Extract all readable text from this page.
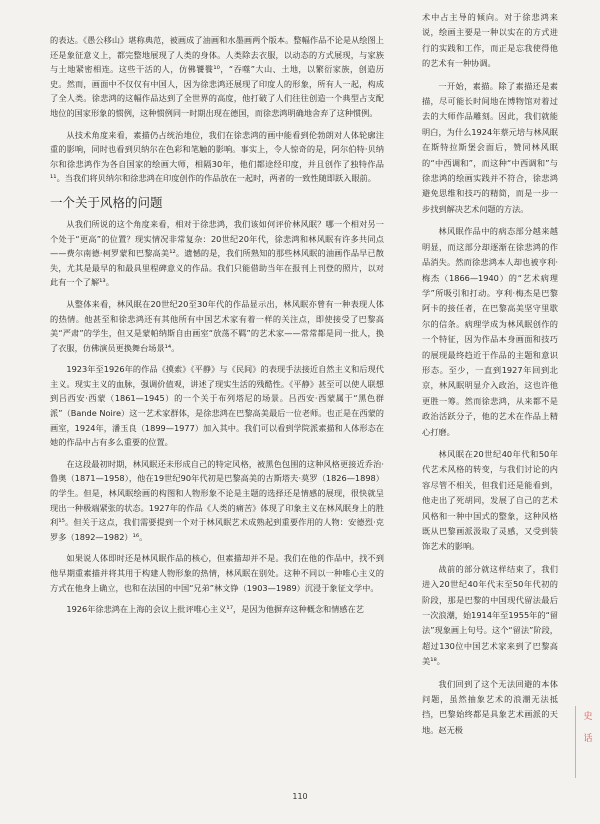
的表达。《愚公移山》堪称典范，被画成了油画和水墨画两个版本。整幅作品不论是从绘图上还是象征意义上，都完整地展现了人类的身体。人类除去衣服，以动态的方式展现，与家族与土地紧密相连。这些干活的人，仿佛饕餮¹⁰，“吞噬”大山、土地，以繁衍家族，创造历史。然而，画面中不仅仅有中国人，因为徐悲鸿还展现了印度人的形象，所有人一起，构成了全人类。徐悲鸿的这幅作品达到了全世界的高度，他打破了人们往往创造一个典型占支配地位的国家形象的惯例，这种惯例同一时期出现在德国，而徐悲鸿明确地舍弃了这种惯例。

从技术角度来看，素描仍占统治地位，我们在徐悲鸿的画中能看到伦勃朗对人体轮廓注重的影响，同时也看到贝纳尔在色彩和笔触的影响。事实上，令人惊奇的是，阿尔伯特·贝纳尔和徐悲鸿作为各自国家的绘画大师，相隔30年，他们都途经印度，并且创作了独特作品¹¹。当我们将贝纳尔和徐悲鸿在印度创作的作品放在一起时，两者的一致性随即跃入眼前。

一个关于风格的问题

从我们所说的这个角度来看，相对于徐悲鸿，我们该如何评价林风眠？哪一个相对另一个处于“更高”的位置？现实情况非常复杂：20世纪20年代，徐悲鸿和林风眠有许多共同点——费尔南德·柯罗蒙和巴黎高美¹²。遗憾的是，我们所熟知的那些林风眠的油画作品早已散失，尤其是最早的和最具里程碑意义的作品。我们只能借助当年在报刊上刊登的照片，以对此有一个了解¹³。

从整体来看，林风眠在20世纪20至30年代的作品显示出，林风眠亦曾有一种表现人体的热情。他甚至和徐悲鸿还有其他所有中国艺术家有着一样的关注点，即使接受了巴黎高美“严肃”的学生，但又是蒙帕纳斯自由画室“放荡不羁”的艺术家——常常都是同一批人，换了衣服，仿佛演员更换舞台场景¹⁴。

1923年至1926年的作品《摸索》《平静》与《民间》的表现手法接近自然主义和后现代主义。现实主义的血脉，强调价值观，讲述了现实生活的残酷性。《平静》甚至可以使人联想到吕西安·西蒙（1861—1945）的一个关于布列塔尼的场景。吕西安·西蒙属于“黑色群派”（Bande Noire）这一艺术家群体，是徐悲鸿在巴黎高美最后一位老师。也正是在西蒙的画室，1924年，潘玉良（1899—1977）加入其中。我们可以看到学院派素描和人体形态在她的作品中占有多么重要的位置。

在这段最初时期，林风眠还未形成自己的特定风格，被黑色包围的这种风格更接近乔治·鲁奥（1871—1958），他在19世纪90年代初是巴黎高美的古斯塔夫·莫罗（1826—1898）的学生。但是，林风眠绘画的构图和人物形象不论是主题的选择还是情感的展现，很快就呈现出一种极端紧张的状态。1927年的作品《人类的痛苦》体现了印象主义在林风眠身上的胜利¹⁵。但关于这点，我们需要提到一个对于林风眠艺术成熟起到重要作用的人物：安德烈·克罗多（1892—1982）¹⁶。

如果说人体即时还是林风眠作品的核心，但素描却并不是。我们在他的作品中，找不到他早期重素描并将其用于构建人物形象的热情，林风眠在别处。这种不同以一种唯心主义的方式在他身上确立，也和在法国的中国“兄弟”林文铮（1903—1989）沉浸于象征文学中。

1926年徐悲鸿在上海的会议上批评唯心主义¹⁷，是因为他摒弃这种概念和情感在艺

术中占主导的倾向。对于徐悲鸿来说，绘画主要是一种以实在的方式进行的实践和工作，而正是忘我使得他的艺术有一种协调。

一开始，素描。除了素描还是素描，尽可能长时间地在博物馆对着过去的大师作品雕刻。因此，我们就能明白，为什么1924年蔡元培与林风眠在斯特拉斯堡会面后，赞同林风眠的“中西调和”，而这种“中西调和”与徐悲鸿的绘画实践并不符合，徐悲鸿避免思维和技巧的精简，而是一步一步找到解决艺术问题的方法。

林风眠作品中的病态部分越来越明显，而这部分却逐渐在徐悲鸿的作品消失。然而徐悲鸿本人却也被亨利·梅杰（1866—1940）的“艺术病理学”所吸引和打动。亨利·梅杰是巴黎阿卡的接任者，在巴黎高美坚守里歇尔的信条。病理学成为林风眠创作的一个特征，因为作品本身画面和技巧的展现最终趋近于作品的主题和意识形态。至少，一直到1927年回到北京，林风眠明显介入政治，这也许他更胜一筹。然而徐悲鸿，从来都不是政治活跃分子，他的艺术在作品上精心打磨。

林风眠在20世纪40年代和50年代艺术风格的转变，与我们讨论的内容尽管不相关，但我们还是能看到，他走出了死胡同，发展了自己的艺术风格和一种中国式的整象，这种风格既从巴黎画派汲取了灵感，又受到装饰艺术的影响。

战前的部分就这样结束了，我们进入20世纪40年代末至50年代初的阶段，那是巴黎的中国现代留法最后一次浪潮，始1914年至1955年的“留法”现象画上句号。这个“留法”阶段，超过130位中国艺术家来到了巴黎高美¹⁸。

我们回到了这个无法回避的本体问题，虽然抽象艺术的浪潮无法抵挡，巴黎始终都是具象艺术画派的天地。赵无极

110
史
话
